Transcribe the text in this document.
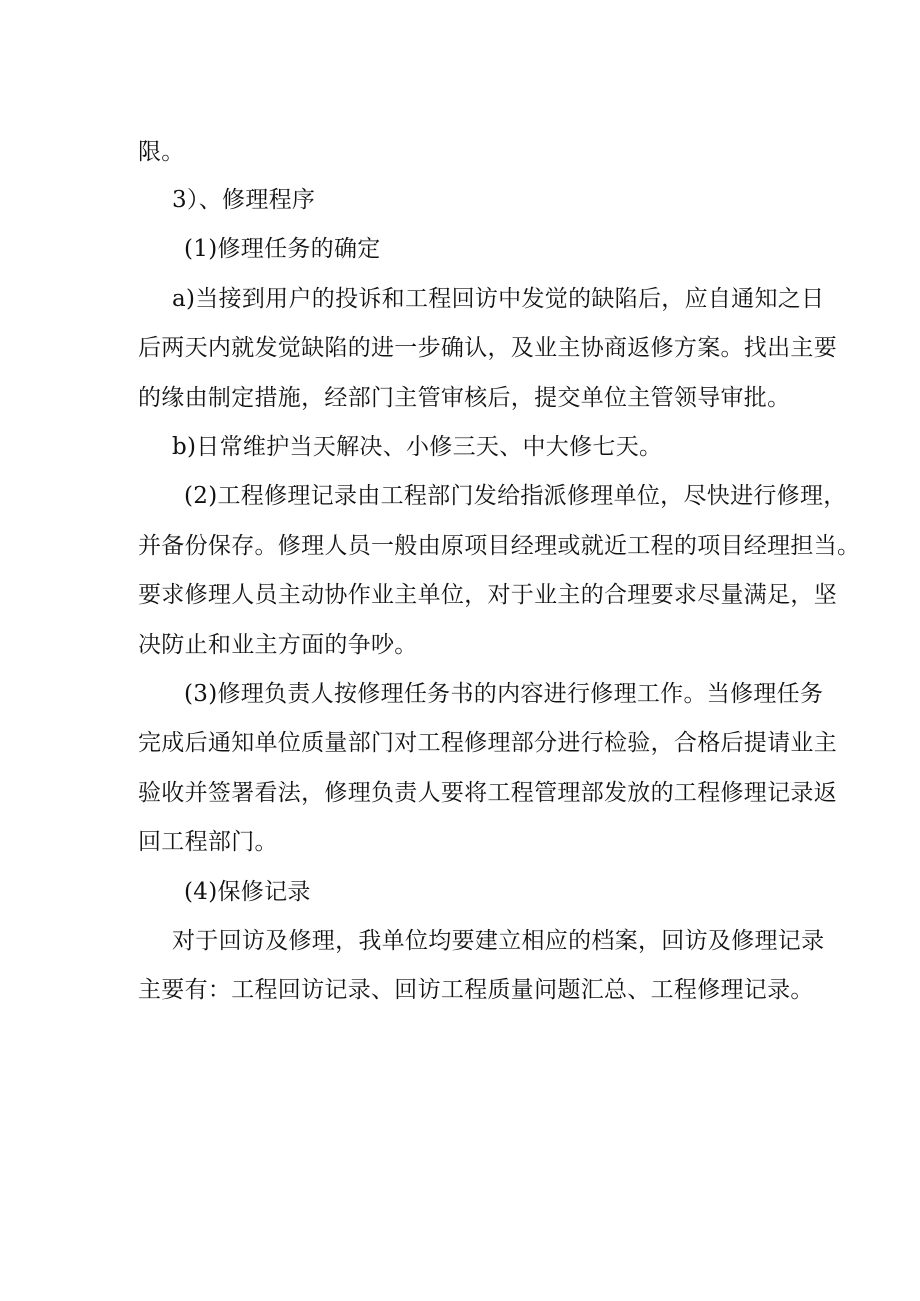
限。
3）、修理程序
(1)修理任务的确定
a)当接到用户的投诉和工程回访中发觉的缺陷后，应自通知之日
后两天内就发觉缺陷的进一步确认，及业主协商返修方案。找出主要
的缘由制定措施，经部门主管审核后，提交单位主管领导审批。
b)日常维护当天解决、小修三天、中大修七天。
(2)工程修理记录由工程部门发给指派修理单位，尽快进行修理，
并备份保存。修理人员一般由原项目经理或就近工程的项目经理担当。
要求修理人员主动协作业主单位，对于业主的合理要求尽量满足，坚
决防止和业主方面的争吵。
(3)修理负责人按修理任务书的内容进行修理工作。当修理任务
完成后通知单位质量部门对工程修理部分进行检验，合格后提请业主
验收并签署看法，修理负责人要将工程管理部发放的工程修理记录返
回工程部门。
(4)保修记录
对于回访及修理，我单位均要建立相应的档案，回访及修理记录
主要有：工程回访记录、回访工程质量问题汇总、工程修理记录。
